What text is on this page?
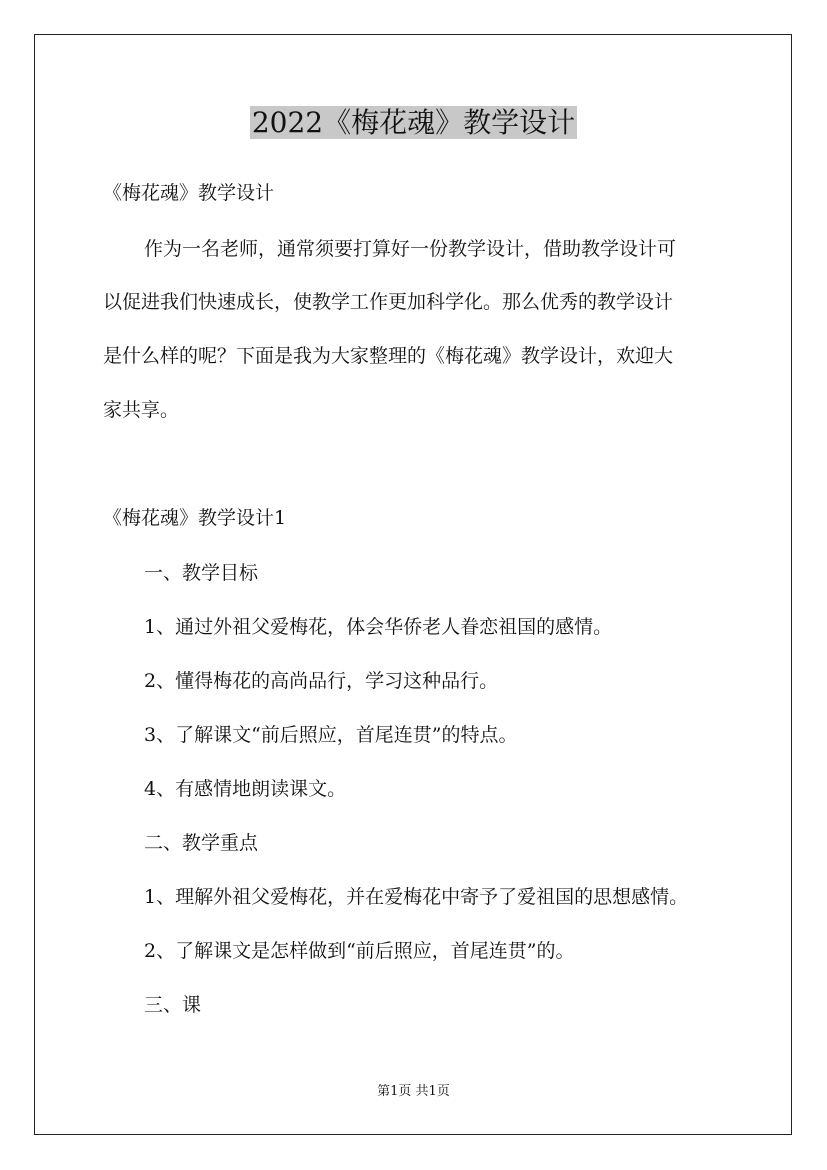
2022《梅花魂》教学设计

《梅花魂》教学设计

作为一名老师，通常须要打算好一份教学设计，借助教学设计可

以促进我们快速成长，使教学工作更加科学化。那么优秀的教学设计

是什么样的呢？下面是我为大家整理的《梅花魂》教学设计，欢迎大

家共享。

《梅花魂》教学设计1

一、教学目标

1、通过外祖父爱梅花，体会华侨老人眷恋祖国的感情。

2、懂得梅花的高尚品行，学习这种品行。

3、了解课文“前后照应，首尾连贯”的特点。

4、有感情地朗读课文。

二、教学重点

1、理解外祖父爱梅花，并在爱梅花中寄予了爱祖国的思想感情。

2、了解课文是怎样做到“前后照应，首尾连贯”的。

三、课

第1页 共1页
